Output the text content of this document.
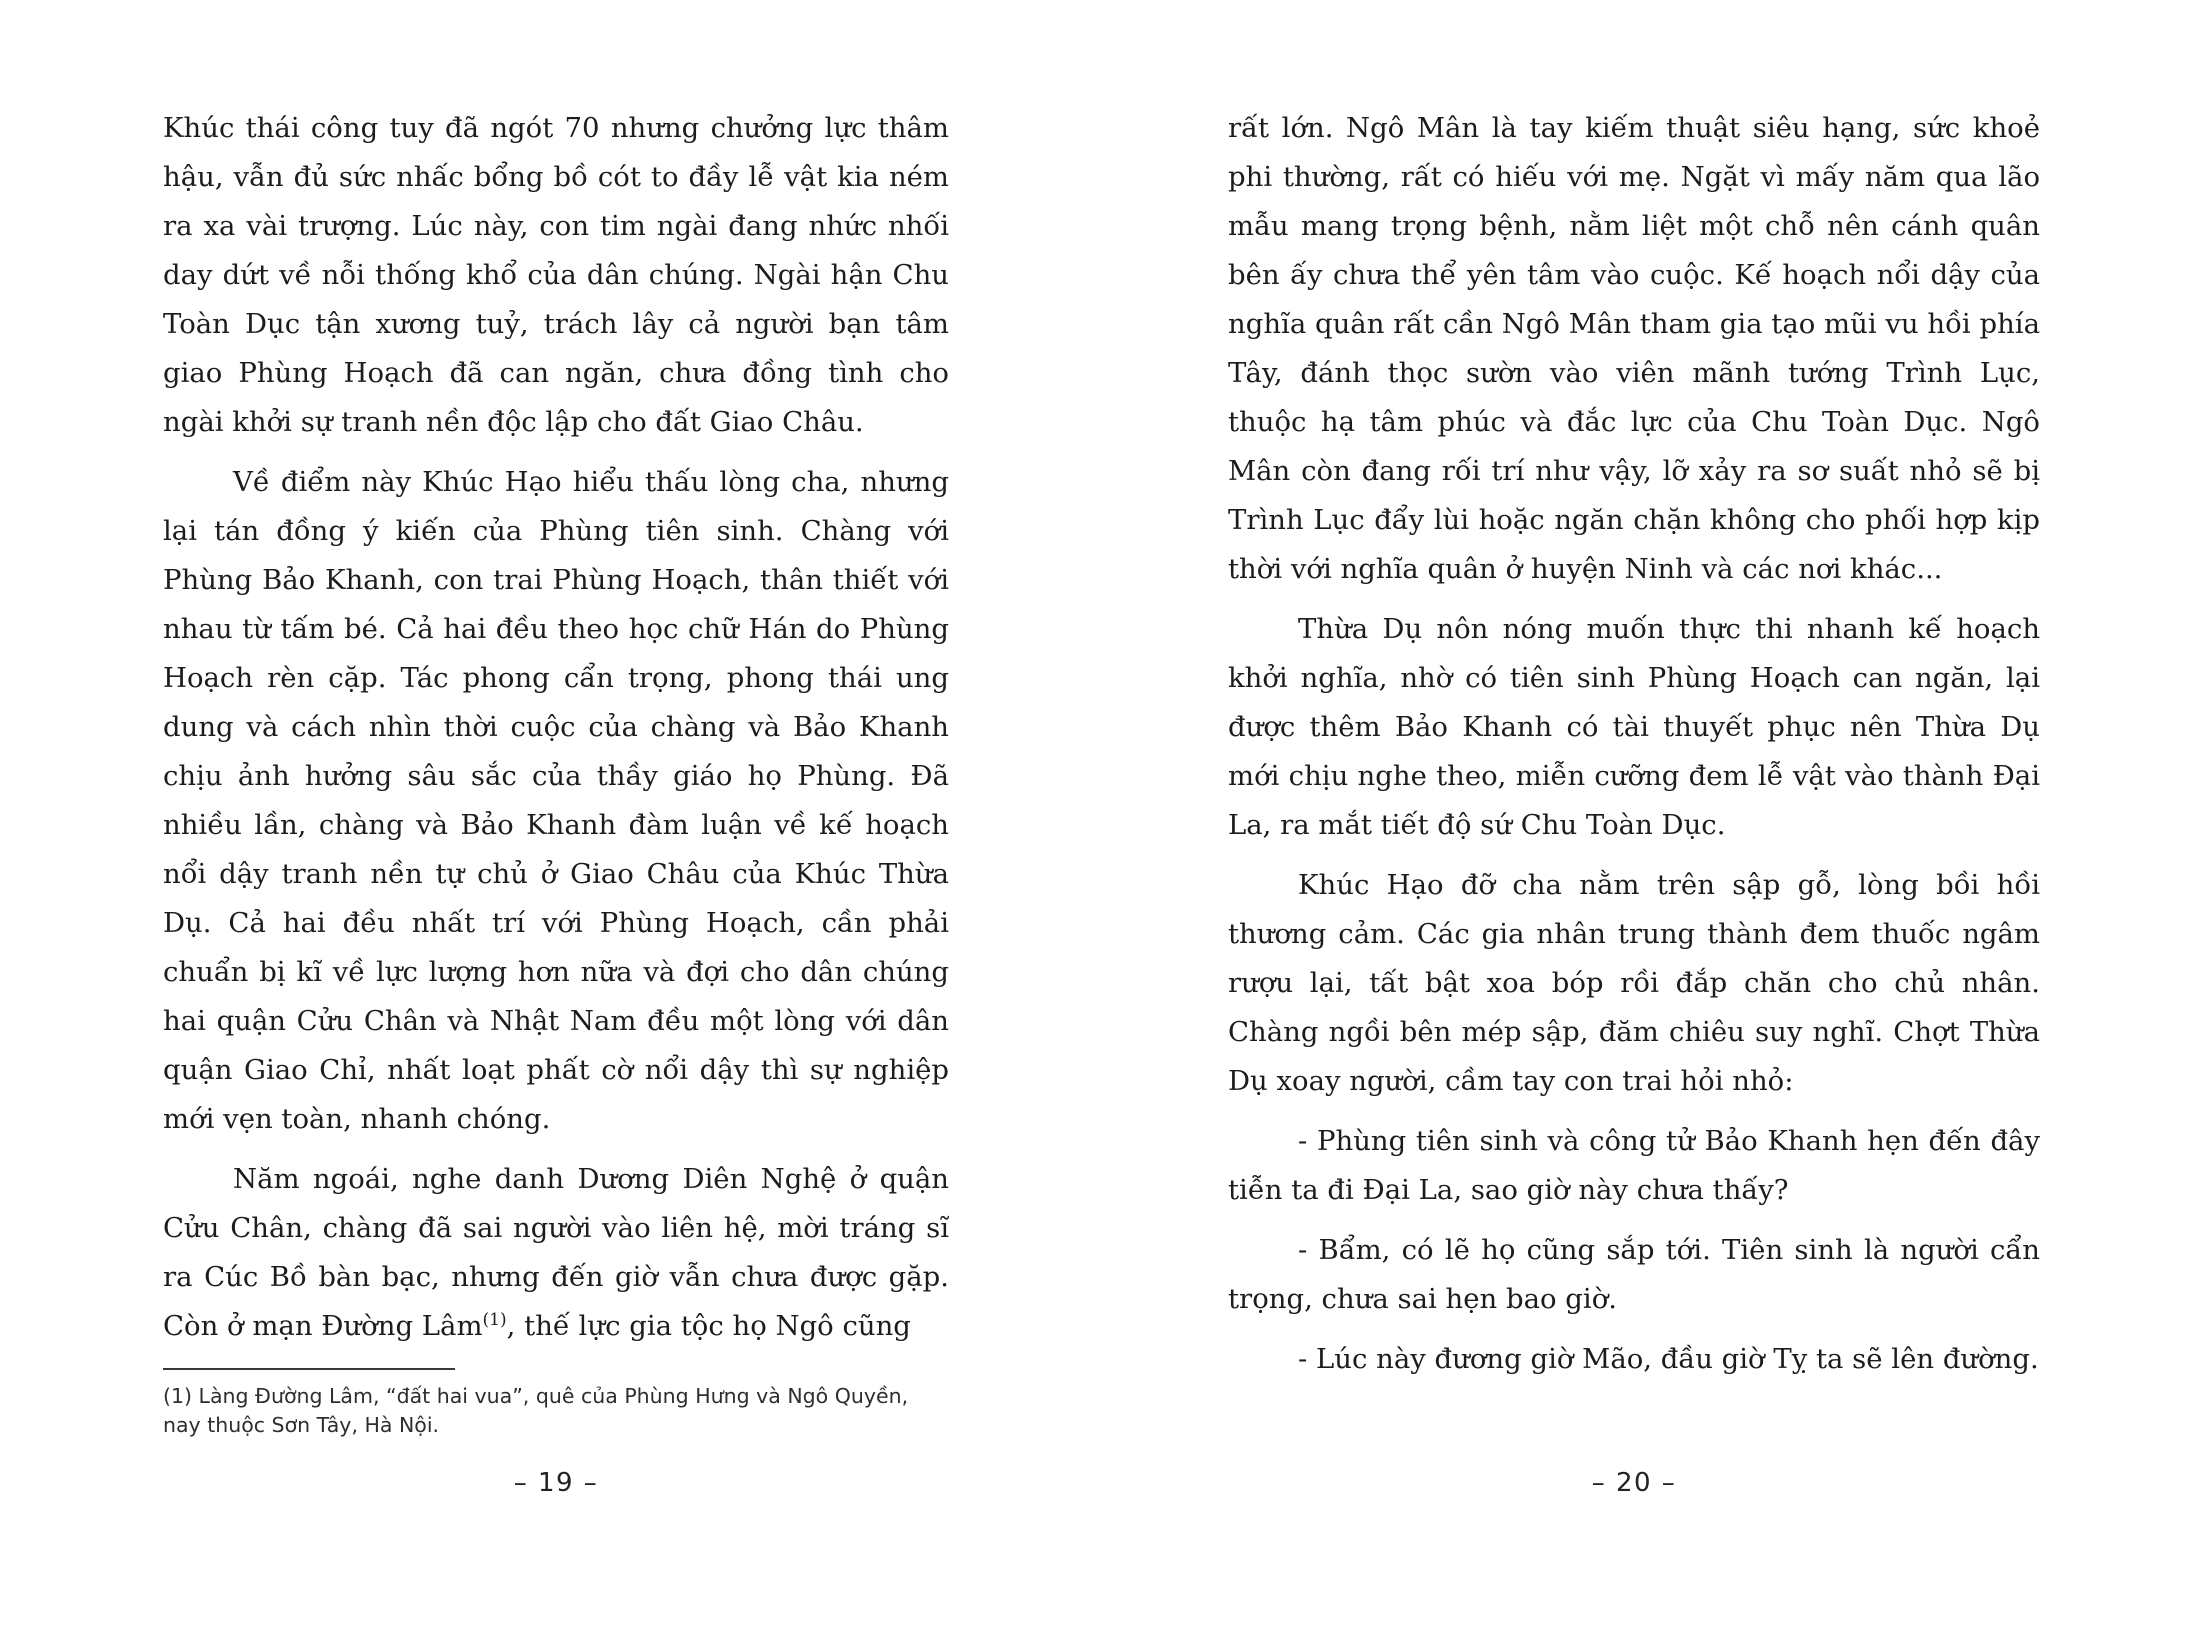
Khúc thái công tuy đã ngót 70 nhưng chưởng lực thâm hậu, vẫn đủ sức nhấc bổng bồ cót to đầy lễ vật kia ném ra xa vài trượng. Lúc này, con tim ngài đang nhức nhối day dứt về nỗi thống khổ của dân chúng. Ngài hận Chu Toàn Dục tận xương tuỷ, trách lây cả người bạn tâm giao Phùng Hoạch đã can ngăn, chưa đồng tình cho ngài khởi sự tranh nền độc lập cho đất Giao Châu.

Về điểm này Khúc Hạo hiểu thấu lòng cha, nhưng lại tán đồng ý kiến của Phùng tiên sinh. Chàng với Phùng Bảo Khanh, con trai Phùng Hoạch, thân thiết với nhau từ tấm bé. Cả hai đều theo học chữ Hán do Phùng Hoạch rèn cặp. Tác phong cẩn trọng, phong thái ung dung và cách nhìn thời cuộc của chàng và Bảo Khanh chịu ảnh hưởng sâu sắc của thầy giáo họ Phùng. Đã nhiều lần, chàng và Bảo Khanh đàm luận về kế hoạch nổi dậy tranh nền tự chủ ở Giao Châu của Khúc Thừa Dụ. Cả hai đều nhất trí với Phùng Hoạch, cần phải chuẩn bị kĩ về lực lượng hơn nữa và đợi cho dân chúng hai quận Cửu Chân và Nhật Nam đều một lòng với dân quận Giao Chỉ, nhất loạt phất cờ nổi dậy thì sự nghiệp mới vẹn toàn, nhanh chóng.

Năm ngoái, nghe danh Dương Diên Nghệ ở quận Cửu Chân, chàng đã sai người vào liên hệ, mời tráng sĩ ra Cúc Bồ bàn bạc, nhưng đến giờ vẫn chưa được gặp. Còn ở mạn Đường Lâm$^{(1)}$, thế lực gia tộc họ Ngô cũng

(1) Làng Đường Lâm, “đất hai vua”, quê của Phùng Hưng và Ngô Quyền, nay thuộc Sơn Tây, Hà Nội.
– 19 –

rất lớn. Ngô Mân là tay kiếm thuật siêu hạng, sức khoẻ phi thường, rất có hiếu với mẹ. Ngặt vì mấy năm qua lão mẫu mang trọng bệnh, nằm liệt một chỗ nên cánh quân bên ấy chưa thể yên tâm vào cuộc. Kế hoạch nổi dậy của nghĩa quân rất cần Ngô Mân tham gia tạo mũi vu hồi phía Tây, đánh thọc sườn vào viên mãnh tướng Trình Lục, thuộc hạ tâm phúc và đắc lực của Chu Toàn Dục. Ngô Mân còn đang rối trí như vậy, lỡ xảy ra sơ suất nhỏ sẽ bị Trình Lục đẩy lùi hoặc ngăn chặn không cho phối hợp kịp thời với nghĩa quân ở huyện Ninh và các nơi khác...

Thừa Dụ nôn nóng muốn thực thi nhanh kế hoạch khởi nghĩa, nhờ có tiên sinh Phùng Hoạch can ngăn, lại được thêm Bảo Khanh có tài thuyết phục nên Thừa Dụ mới chịu nghe theo, miễn cưỡng đem lễ vật vào thành Đại La, ra mắt tiết độ sứ Chu Toàn Dục.

Khúc Hạo đỡ cha nằm trên sập gỗ, lòng bồi hồi thương cảm. Các gia nhân trung thành đem thuốc ngâm rượu lại, tất bật xoa bóp rồi đắp chăn cho chủ nhân. Chàng ngồi bên mép sập, đăm chiêu suy nghĩ. Chợt Thừa Dụ xoay người, cầm tay con trai hỏi nhỏ:

- Phùng tiên sinh và công tử Bảo Khanh hẹn đến đây tiễn ta đi Đại La, sao giờ này chưa thấy?

- Bẩm, có lẽ họ cũng sắp tới. Tiên sinh là người cẩn trọng, chưa sai hẹn bao giờ.

- Lúc này đương giờ Mão, đầu giờ Tỵ ta sẽ lên đường.

– 20 –
